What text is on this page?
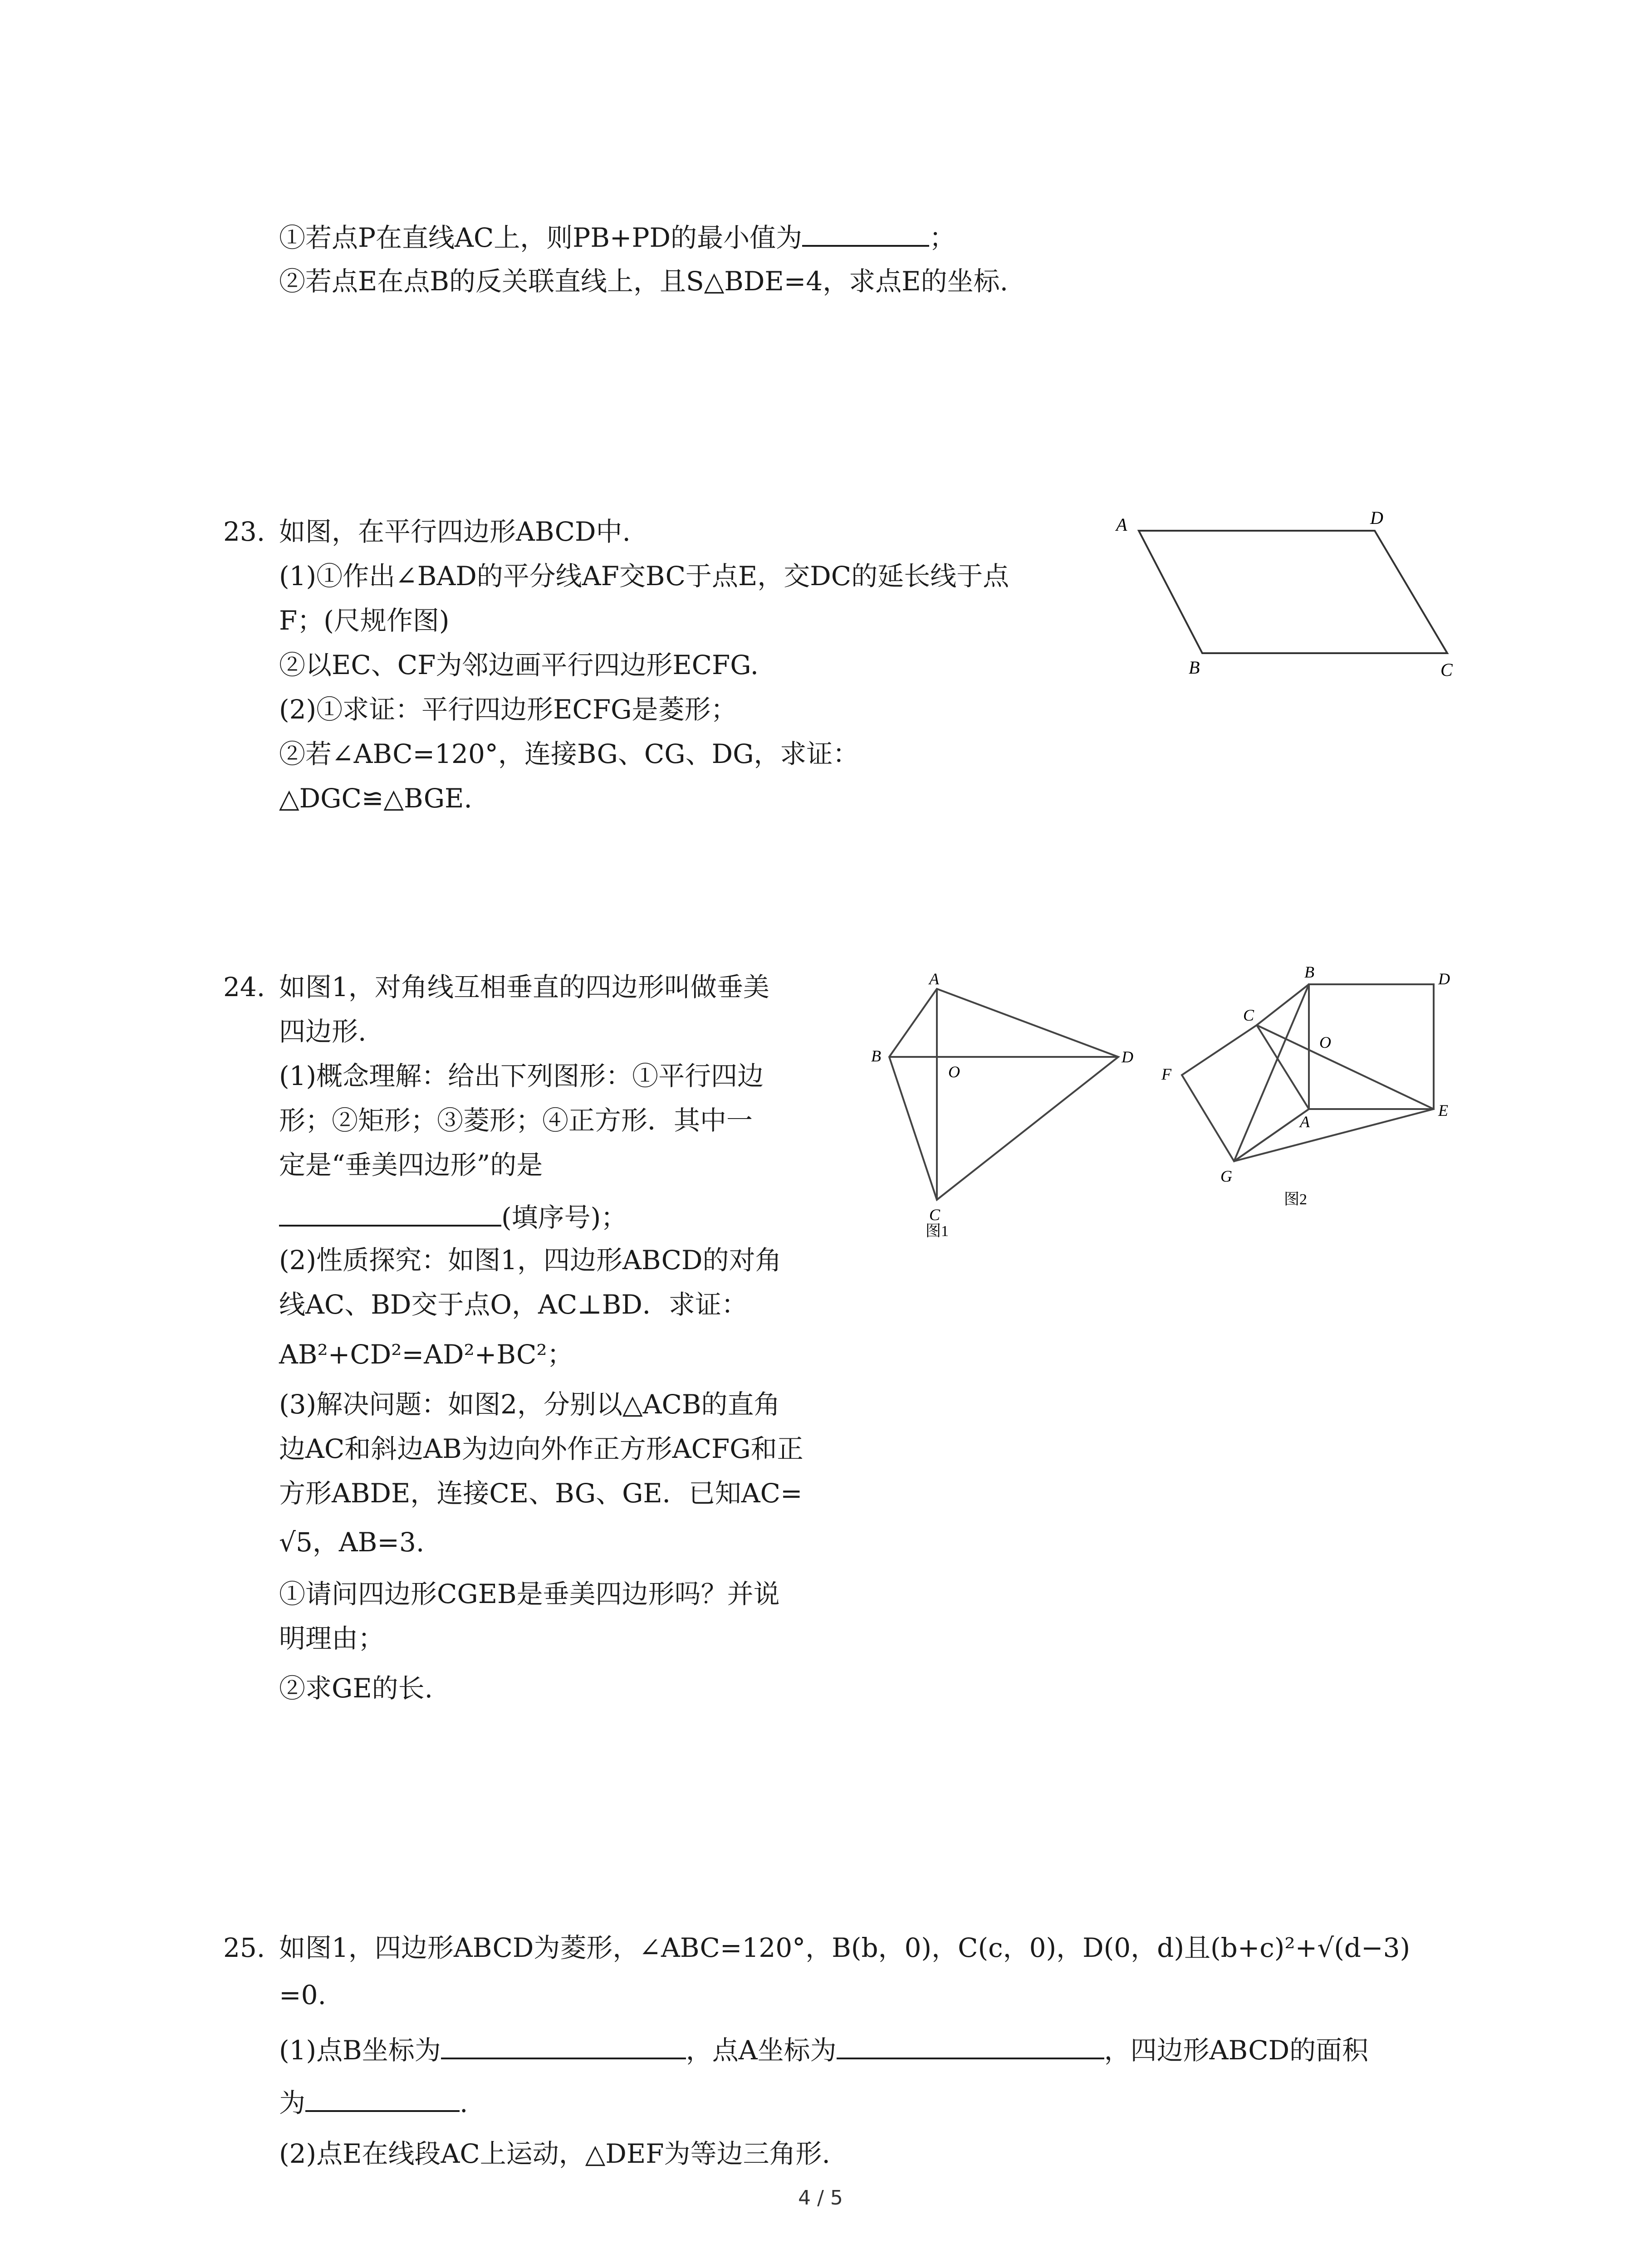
①若点P在直线AC上，则PB+PD的最小值为	；
②若点E在点B的反关联直线上，且S△BDE=4，求点E的坐标.
23. 如图，在平行四边形ABCD中.
(1)①作出∠BAD的平分线AF交BC于点E，交DC的延长线于点
F；(尺规作图)
②以EC、CF为邻边画平行四边形ECFG.
(2)①求证：平行四边形ECFG是菱形；
②若∠ABC=120°，连接BG、CG、DG，求证：
△DGC≌△BGE.
A	D
B	C
24. 如图1，对角线互相垂直的四边形叫做垂美
四边形.
(1)概念理解：给出下列图形：①平行四边
形；②矩形；③菱形；④正方形．其中一
定是“垂美四边形”的是
(填序号)；
(2)性质探究：如图1，四边形ABCD的对角
线AC、BD交于点O，AC⊥BD．求证：
AB²+CD²=AD²+BC²；
(3)解决问题：如图2，分别以△ACB的直角
边AC和斜边AB为边向外作正方形ACFG和正
方形ABDE，连接CE、BG、GE．已知AC=
√5，AB=3.
①请问四边形CGEB是垂美四边形吗？并说
明理由；
②求GE的长.
A
B
C
D
O
图1
B	D
C
O
F
A
E
G
图2
25. 如图1，四边形ABCD为菱形，∠ABC=120°，B(b，0)，C(c，0)，D(0，d)且(b+c)²+√(d−3)
=0.
(1)点B坐标为	，点A坐标为	，四边形ABCD的面积
为	.
(2)点E在线段AC上运动，△DEF为等边三角形.
4 / 5
